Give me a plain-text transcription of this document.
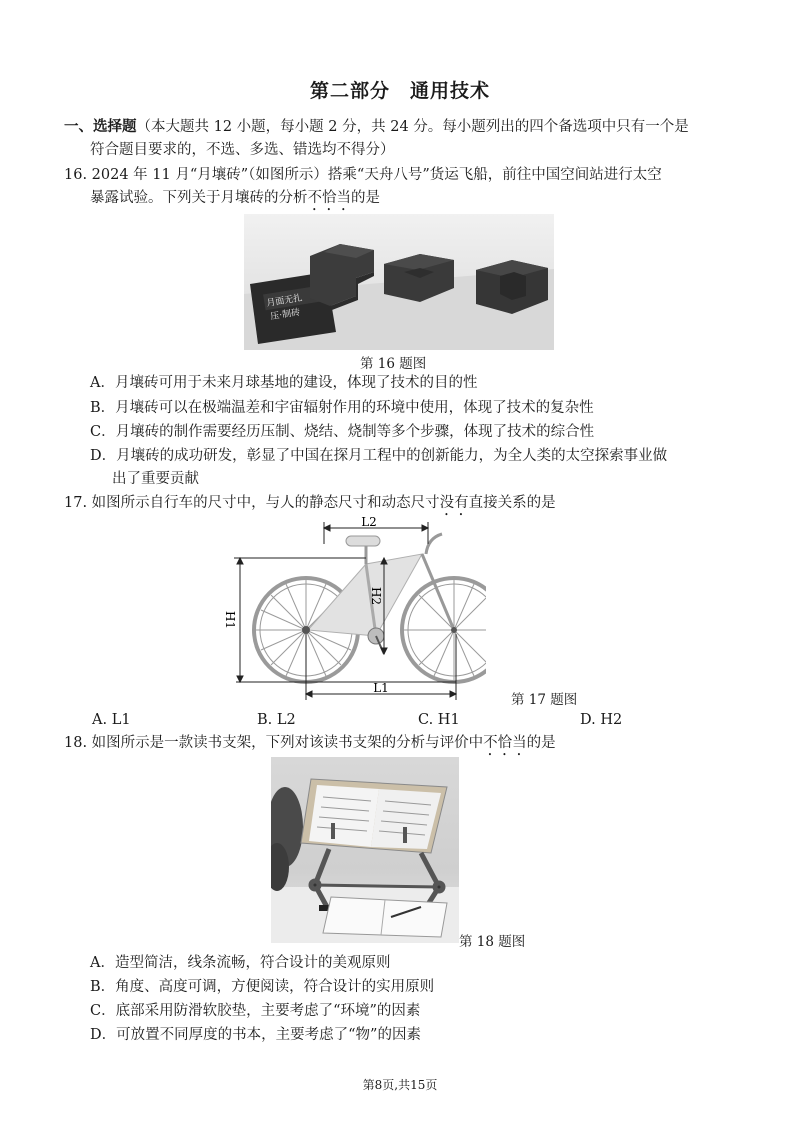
第二部分　通用技术
一、选择题（本大题共 12 小题，每小题 2 分，共 24 分。每小题列出的四个备选项中只有一个是
符合题目要求的，不选、多选、错选均不得分）
16. 2024 年 11 月“月壤砖”（如图所示）搭乘“天舟八号”货运飞船，前往中国空间站进行太空
暴露试验。下列关于月壤砖的分析不恰当的是
月面无扎
压·制砖
第 16 题图
A．月壤砖可用于未来月球基地的建设，体现了技术的目的性
B．月壤砖可以在极端温差和宇宙辐射作用的环境中使用，体现了技术的复杂性
C．月壤砖的制作需要经历压制、烧结、烧制等多个步骤，体现了技术的综合性
D．月壤砖的成功研发，彰显了中国在探月工程中的创新能力，为全人类的太空探索事业做
出了重要贡献
17. 如图所示自行车的尺寸中，与人的静态尺寸和动态尺寸没有直接关系的是
L2
L1
H1
H2
第 17 题图
A. L1	B. L2	C. H1	D. H2
18. 如图所示是一款读书支架，下列对该读书支架的分析与评价中不恰当的是
第 18 题图
A．造型简洁，线条流畅，符合设计的美观原则
B．角度、高度可调，方便阅读，符合设计的实用原则
C．底部采用防滑软胶垫，主要考虑了“环境”的因素
D．可放置不同厚度的书本，主要考虑了“物”的因素
第8页,共15页
